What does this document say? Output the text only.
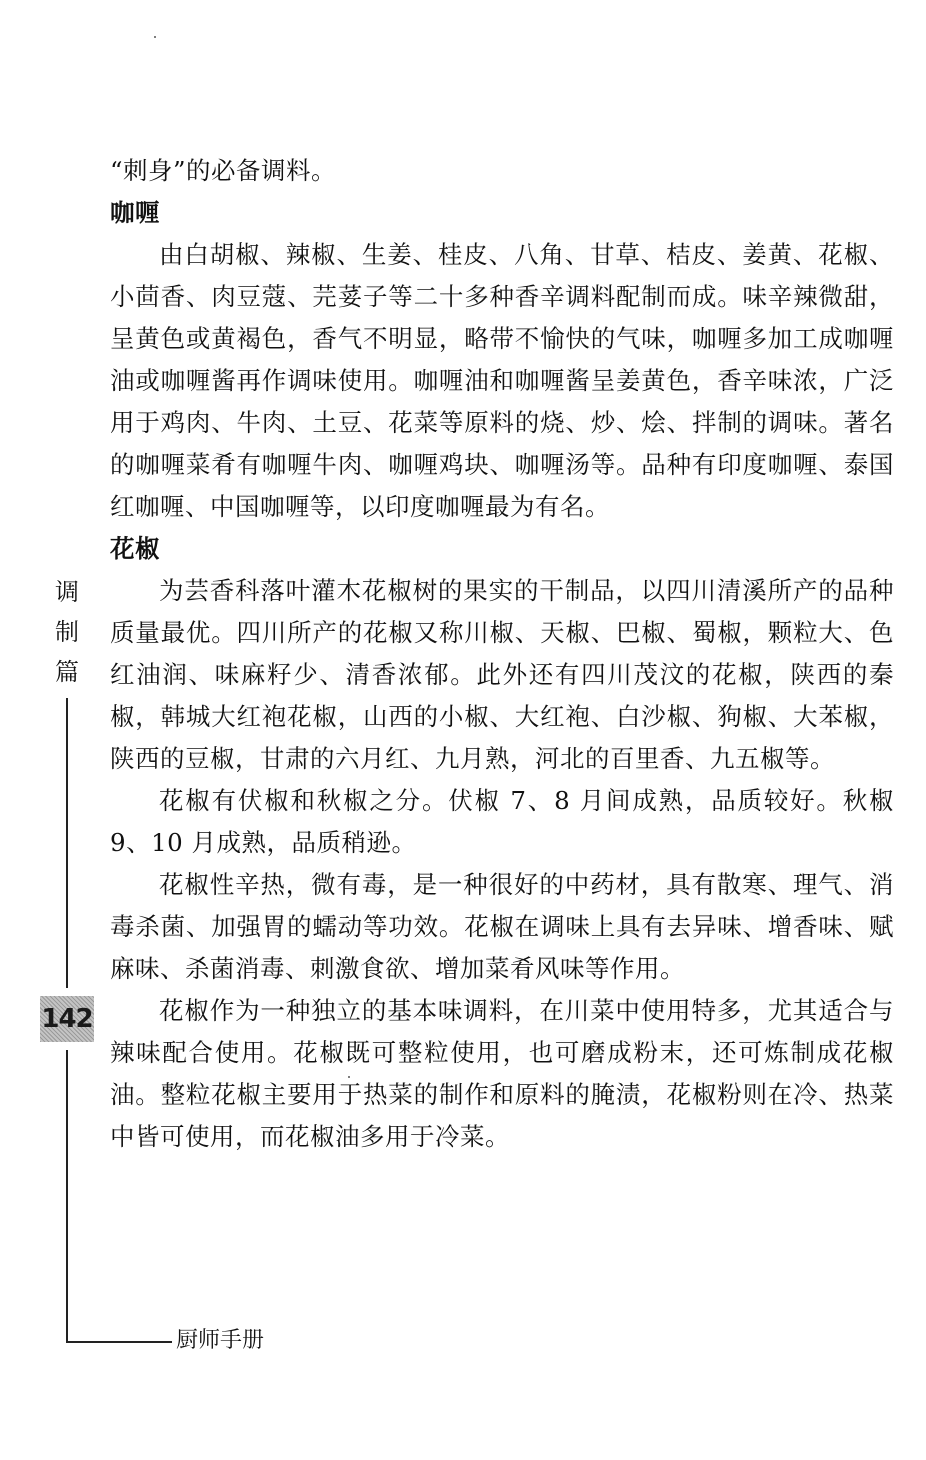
“刺身”的必备调料。

咖喱

由白胡椒、辣椒、生姜、桂皮、八角、甘草、桔皮、姜黄、花椒、小茴香、肉豆蔻、芫荽子等二十多种香辛调料配制而成。味辛辣微甜，呈黄色或黄褐色，香气不明显，略带不愉快的气味，咖喱多加工成咖喱油或咖喱酱再作调味使用。咖喱油和咖喱酱呈姜黄色，香辛味浓，广泛用于鸡肉、牛肉、土豆、花菜等原料的烧、炒、烩、拌制的调味。著名的咖喱菜肴有咖喱牛肉、咖喱鸡块、咖喱汤等。品种有印度咖喱、泰国红咖喱、中国咖喱等，以印度咖喱最为有名。

花椒

为芸香科落叶灌木花椒树的果实的干制品，以四川清溪所产的品种质量最优。四川所产的花椒又称川椒、天椒、巴椒、蜀椒，颗粒大、色红油润、味麻籽少、清香浓郁。此外还有四川茂汶的花椒，陕西的秦椒，韩城大红袍花椒，山西的小椒、大红袍、白沙椒、狗椒、大苯椒，陕西的豆椒，甘肃的六月红、九月熟，河北的百里香、九五椒等。

花椒有伏椒和秋椒之分。伏椒 7、8 月间成熟，品质较好。秋椒 9、10 月成熟，品质稍逊。

花椒性辛热，微有毒，是一种很好的中药材，具有散寒、理气、消毒杀菌、加强胃的蠕动等功效。花椒在调味上具有去异味、增香味、赋麻味、杀菌消毒、刺激食欲、增加菜肴风味等作用。

花椒作为一种独立的基本味调料，在川菜中使用特多，尤其适合与辣味配合使用。花椒既可整粒使用，也可磨成粉末，还可炼制成花椒油。整粒花椒主要用于热菜的制作和原料的腌渍，花椒粉则在冷、热菜中皆可使用，而花椒油多用于冷菜。

调
制
篇
142
厨师手册
